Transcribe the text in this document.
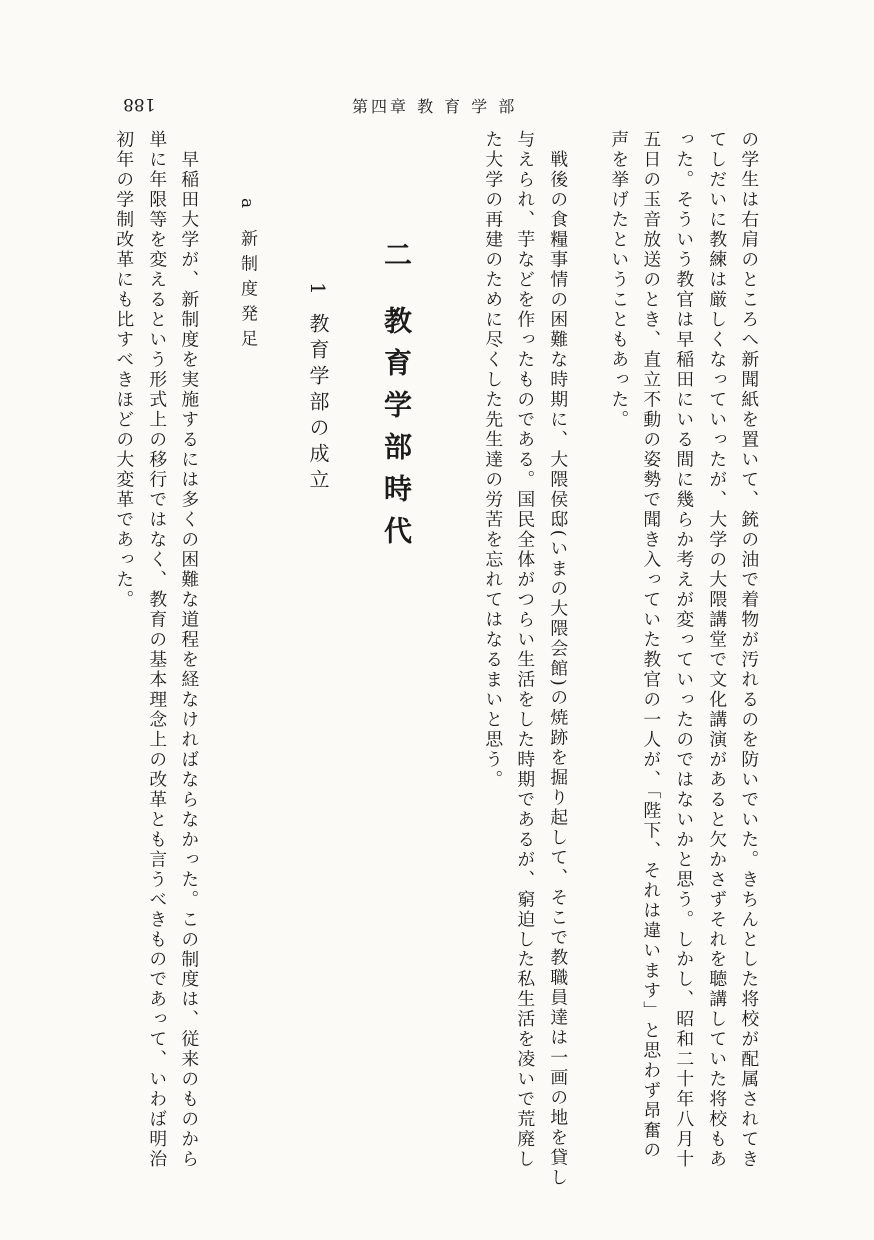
第四章 教 育 学 部
188
の学生は右肩のところへ新聞紙を置いて、銃の油で着物が汚れるのを防いでいた。きちんとした将校が配属されてき
てしだいに教練は厳しくなっていったが、大学の大隈講堂で文化講演があると欠かさずそれを聴講していた将校もあ
った。そういう教官は早稲田にいる間に幾らか考えが変っていったのではないかと思う。しかし、昭和二十年八月十
五日の玉音放送のとき、直立不動の姿勢で聞き入っていた教官の一人が、「陛下、それは違います」と思わず昂奮の
声を挙げたということもあった。
戦後の食糧事情の困難な時期に、大隈侯邸(いまの大隈会館)の焼跡を掘り起して、そこで教職員達は一画の地を貸し
与えられ、芋などを作ったものである。国民全体がつらい生活をした時期であるが、窮迫した私生活を凌いで荒廃し
た大学の再建のために尽くした先生達の労苦を忘れてはなるまいと思う。
二 教育学部時代
1 教育学部の成立
a 新制度発足
早稲田大学が、新制度を実施するには多くの困難な道程を経なければならなかった。この制度は、従来のものから
単に年限等を変えるという形式上の移行ではなく、教育の基本理念上の改革とも言うべきものであって、いわば明治
初年の学制改革にも比すべきほどの大変革であった。
